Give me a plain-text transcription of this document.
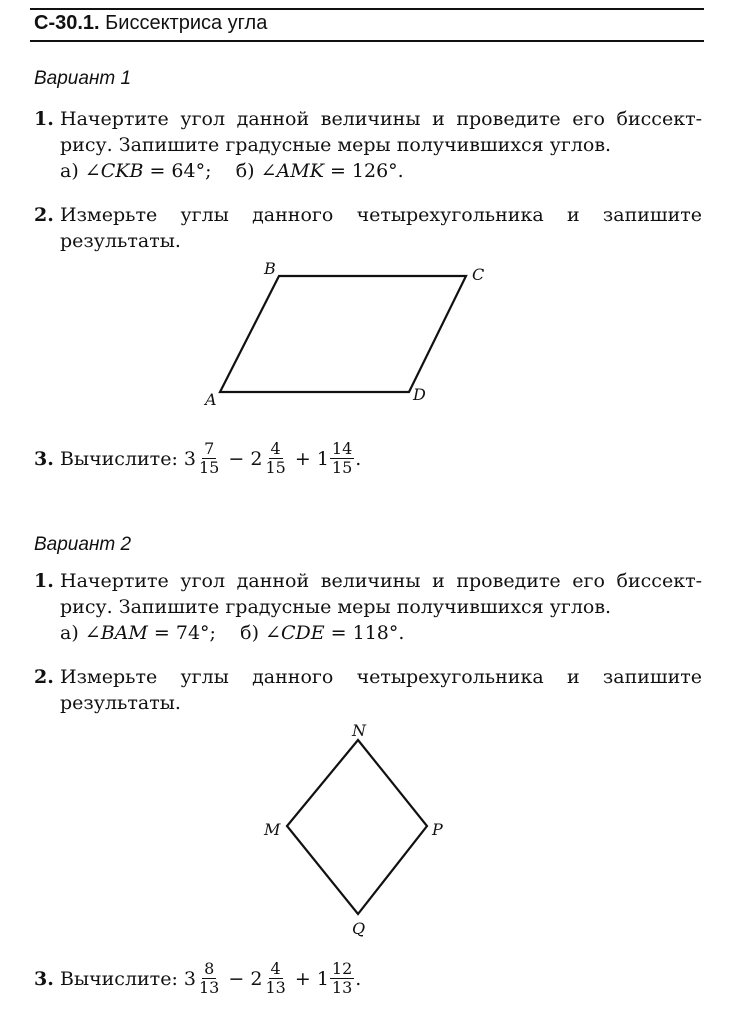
С-30.1. Биссектриса угла
Вариант 1
1. Начертите угол данной величины и проведите его биссект-
рису. Запишите градусные меры получившихся углов.
а) ∠CKB = 64°; б) ∠AMK = 126°.
2. Измерьте углы данного четырехугольника и запишите
результаты.
A
B	C
D
3. Вычислите:
$3 \frac{7}{15}$
−
$2 \frac{4}{15}$
+
$1 \frac{14}{15}$ .
Вариант 2
1. Начертите угол данной величины и проведите его биссект-
рису. Запишите градусные меры получившихся углов.
а) ∠BAM = 74°; б) ∠CDE = 118°.
2. Измерьте углы данного четырехугольника и запишите
результаты.
N
P
Q
M
3. Вычислите:
$3 \frac{8}{13}$
−
$2 \frac{4}{13}$
+
$1 \frac{12}{13}$ .
